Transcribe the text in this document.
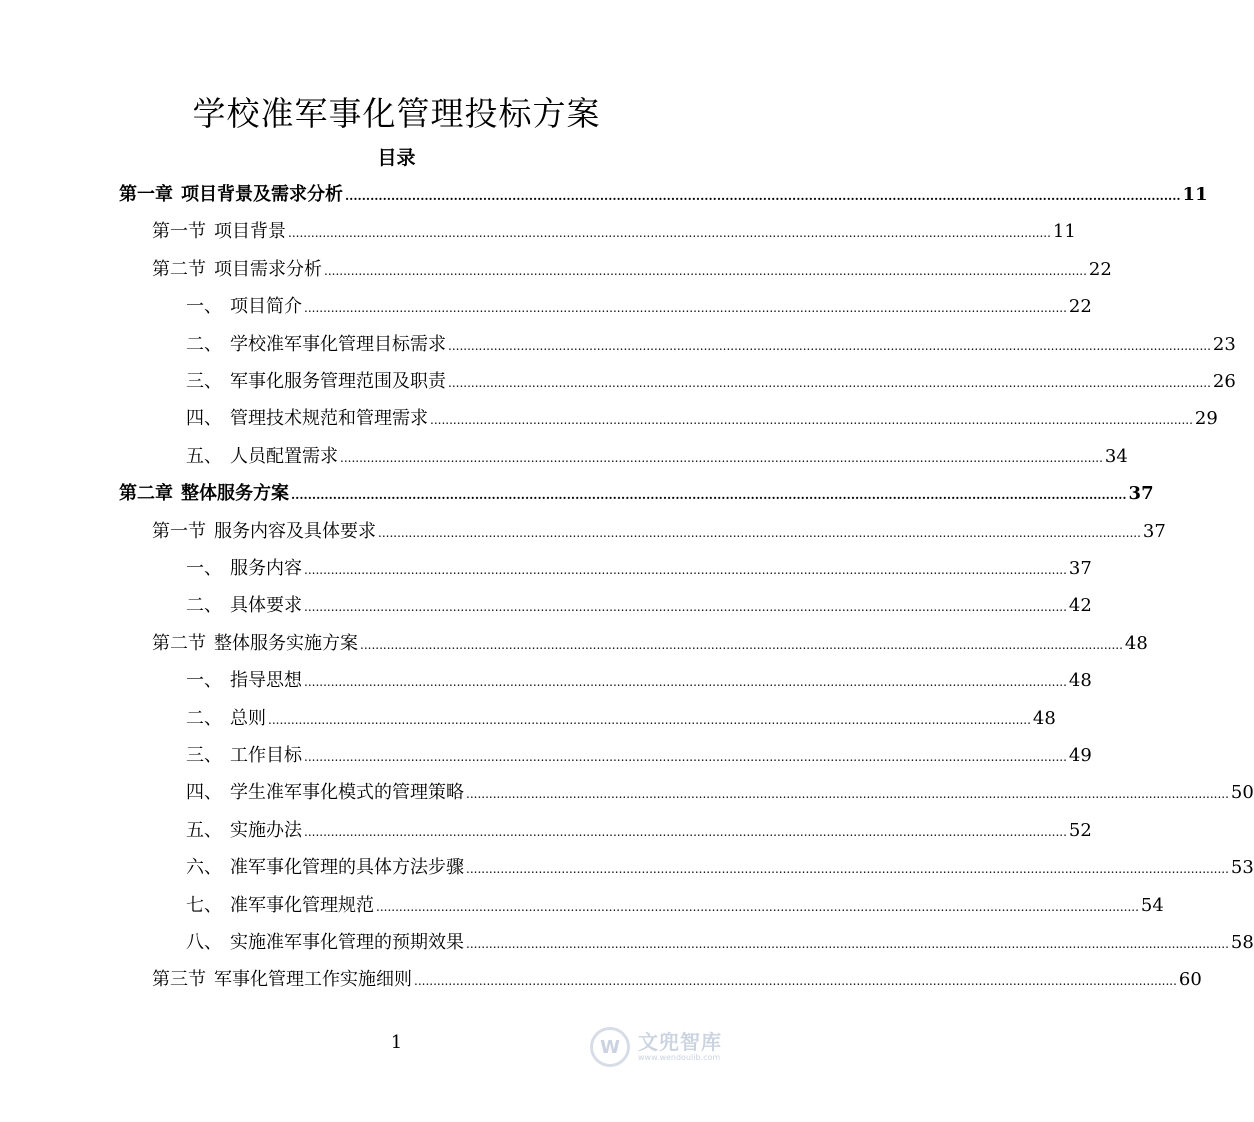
学校准军事化管理投标方案
目录
第一章 项目背景及需求分析 ........................................................................................................................................................................................................ 11
第一节 项目背景 ........................................................................................................................................................................................................ 11
第二节 项目需求分析 ........................................................................................................................................................................................................ 22
一、 项目简介 ........................................................................................................................................................................................................ 22
二、 学校准军事化管理目标需求 ........................................................................................................................................................................................................ 23
三、 军事化服务管理范围及职责 ........................................................................................................................................................................................................ 26
四、 管理技术规范和管理需求 ........................................................................................................................................................................................................ 29
五、 人员配置需求 ........................................................................................................................................................................................................ 34
第二章 整体服务方案 ........................................................................................................................................................................................................ 37
第一节 服务内容及具体要求 ........................................................................................................................................................................................................ 37
一、 服务内容 ........................................................................................................................................................................................................ 37
二、 具体要求 ........................................................................................................................................................................................................ 42
第二节 整体服务实施方案 ........................................................................................................................................................................................................ 48
一、 指导思想 ........................................................................................................................................................................................................ 48
二、 总则 ........................................................................................................................................................................................................ 48
三、 工作目标 ........................................................................................................................................................................................................ 49
四、 学生准军事化模式的管理策略 ........................................................................................................................................................................................................ 50
五、 实施办法 ........................................................................................................................................................................................................ 52
六、 准军事化管理的具体方法步骤 ........................................................................................................................................................................................................ 53
七、 准军事化管理规范 ........................................................................................................................................................................................................ 54
八、 实施准军事化管理的预期效果 ........................................................................................................................................................................................................ 58
第三节 军事化管理工作实施细则 ........................................................................................................................................................................................................ 60
1	W 文兜智库
www.wendoulib.com
